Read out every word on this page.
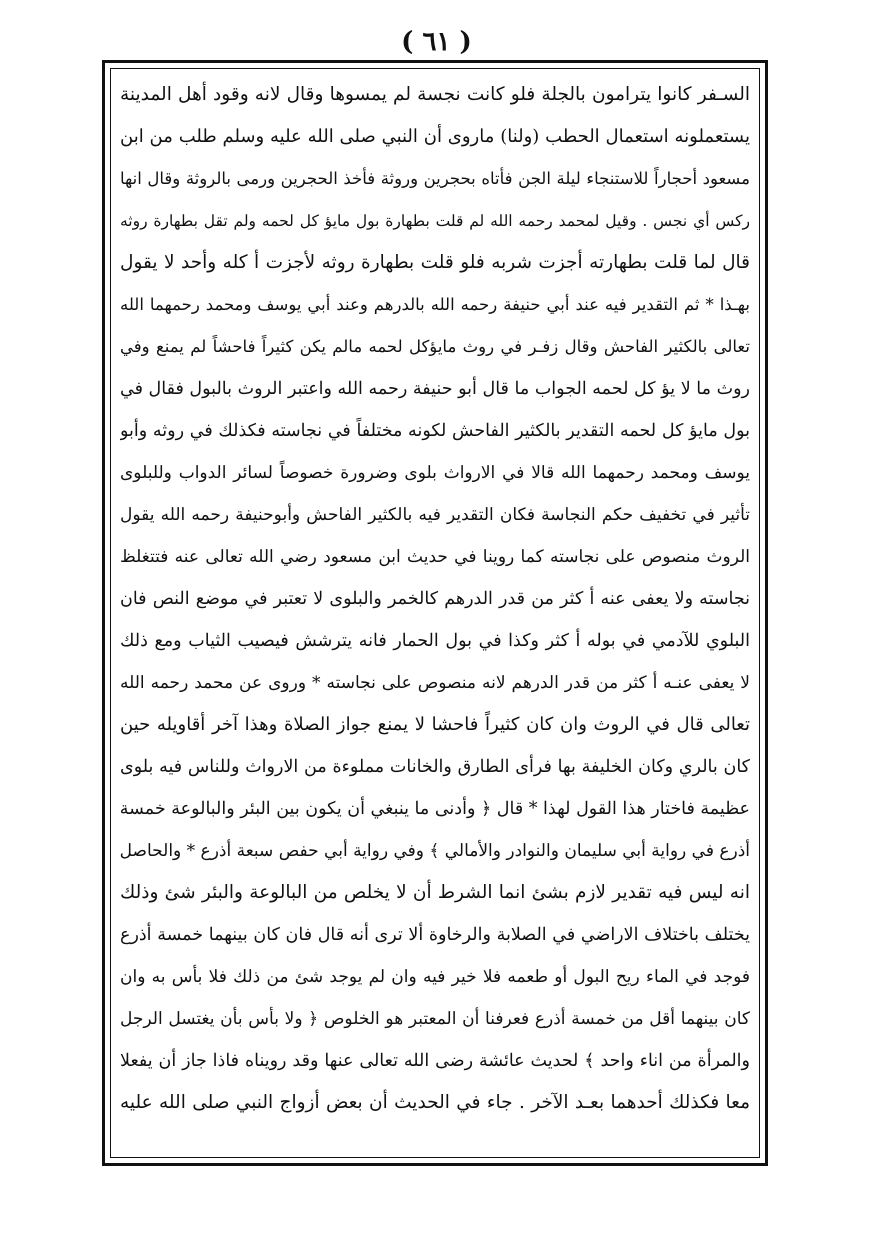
( ٦١ )
السـفر كانوا يترامون بالجلة فلو كانت نجسة لم يمسوها وقال لانه وقود أهل المدينة
يستعملونه استعمال الحطب (ولنا) ماروى أن النبي صلى الله عليه وسلم طلب من ابن
مسعود أحجاراً للاستنجاء ليلة الجن فأتاه بحجرين وروثة فأخذ الحجرين ورمى بالروثة وقال انها
ركس أي نجس . وقيل لمحمد رحمه الله لم قلت بطهارة بول مايؤ كل لحمه ولم تقل بطهارة روثه
قال لما قلت بطهارته أجزت شربه فلو قلت بطهارة روثه لأجزت أ كله وأحد لا يقول
بهـذا * ثم التقدير فيه عند أبي حنيفة رحمه الله بالدرهم وعند أبي يوسف ومحمد رحمهما الله
تعالى بالكثير الفاحش وقال زفـر في روث مايؤكل لحمه مالم يكن كثيراً فاحشاً لم يمنع وفي
روث ما لا يؤ كل لحمه الجواب ما قال أبو حنيفة رحمه الله واعتبر الروث بالبول فقال في
بول مايؤ كل لحمه التقدير بالكثير الفاحش لكونه مختلفاً في نجاسته فكذلك في روثه وأبو
يوسف ومحمد رحمهما الله قالا في الارواث بلوى وضرورة خصوصاً لسائر الدواب وللبلوى
تأثير في تخفيف حكم النجاسة فكان التقدير فيه بالكثير الفاحش وأبوحنيفة رحمه الله يقول
الروث منصوص على نجاسته كما روينا في حديث ابن مسعود رضي الله تعالى عنه فتتغلظ
نجاسته ولا يعفى عنه أ كثر من قدر الدرهم كالخمر والبلوى لا تعتبر في موضع النص فان
البلوي للآدمي في بوله أ كثر وكذا في بول الحمار فانه يترشش فيصيب الثياب ومع ذلك
لا يعفى عنـه أ كثر من قدر الدرهم لانه منصوص على نجاسته * وروى عن محمد رحمه الله
تعالى قال في الروث وان كان كثيراً فاحشا لا يمنع جواز الصلاة وهذا آخر أقاويله حين
كان بالري وكان الخليفة بها فرأى الطارق والخانات مملوءة من الارواث وللناس فيه بلوى
عظيمة فاختار هذا القول لهذا * قال ﴿ وأدنى ما ينبغي أن يكون بين البئر والبالوعة خمسة
أذرع في رواية أبي سليمان والنوادر والأمالي ﴾ وفي رواية أبي حفص سبعة أذرع * والحاصل
انه ليس فيه تقدير لازم بشئ انما الشرط أن لا يخلص من البالوعة والبئر شئ وذلك
يختلف باختلاف الاراضي في الصلابة والرخاوة ألا ترى أنه قال فان كان بينهما خمسة أذرع
فوجد في الماء ريح البول أو طعمه فلا خير فيه وان لم يوجد شئ من ذلك فلا بأس به وان
كان بينهما أقل من خمسة أذرع فعرفنا أن المعتبر هو الخلوص ﴿ ولا بأس بأن يغتسل الرجل
والمرأة من اناء واحد ﴾ لحديث عائشة رضى الله تعالى عنها وقد رويناه فاذا جاز أن يفعلا
معا فكذلك أحدهما بعـد الآخر . جاء في الحديث أن بعض أزواج النبي صلى الله عليه
